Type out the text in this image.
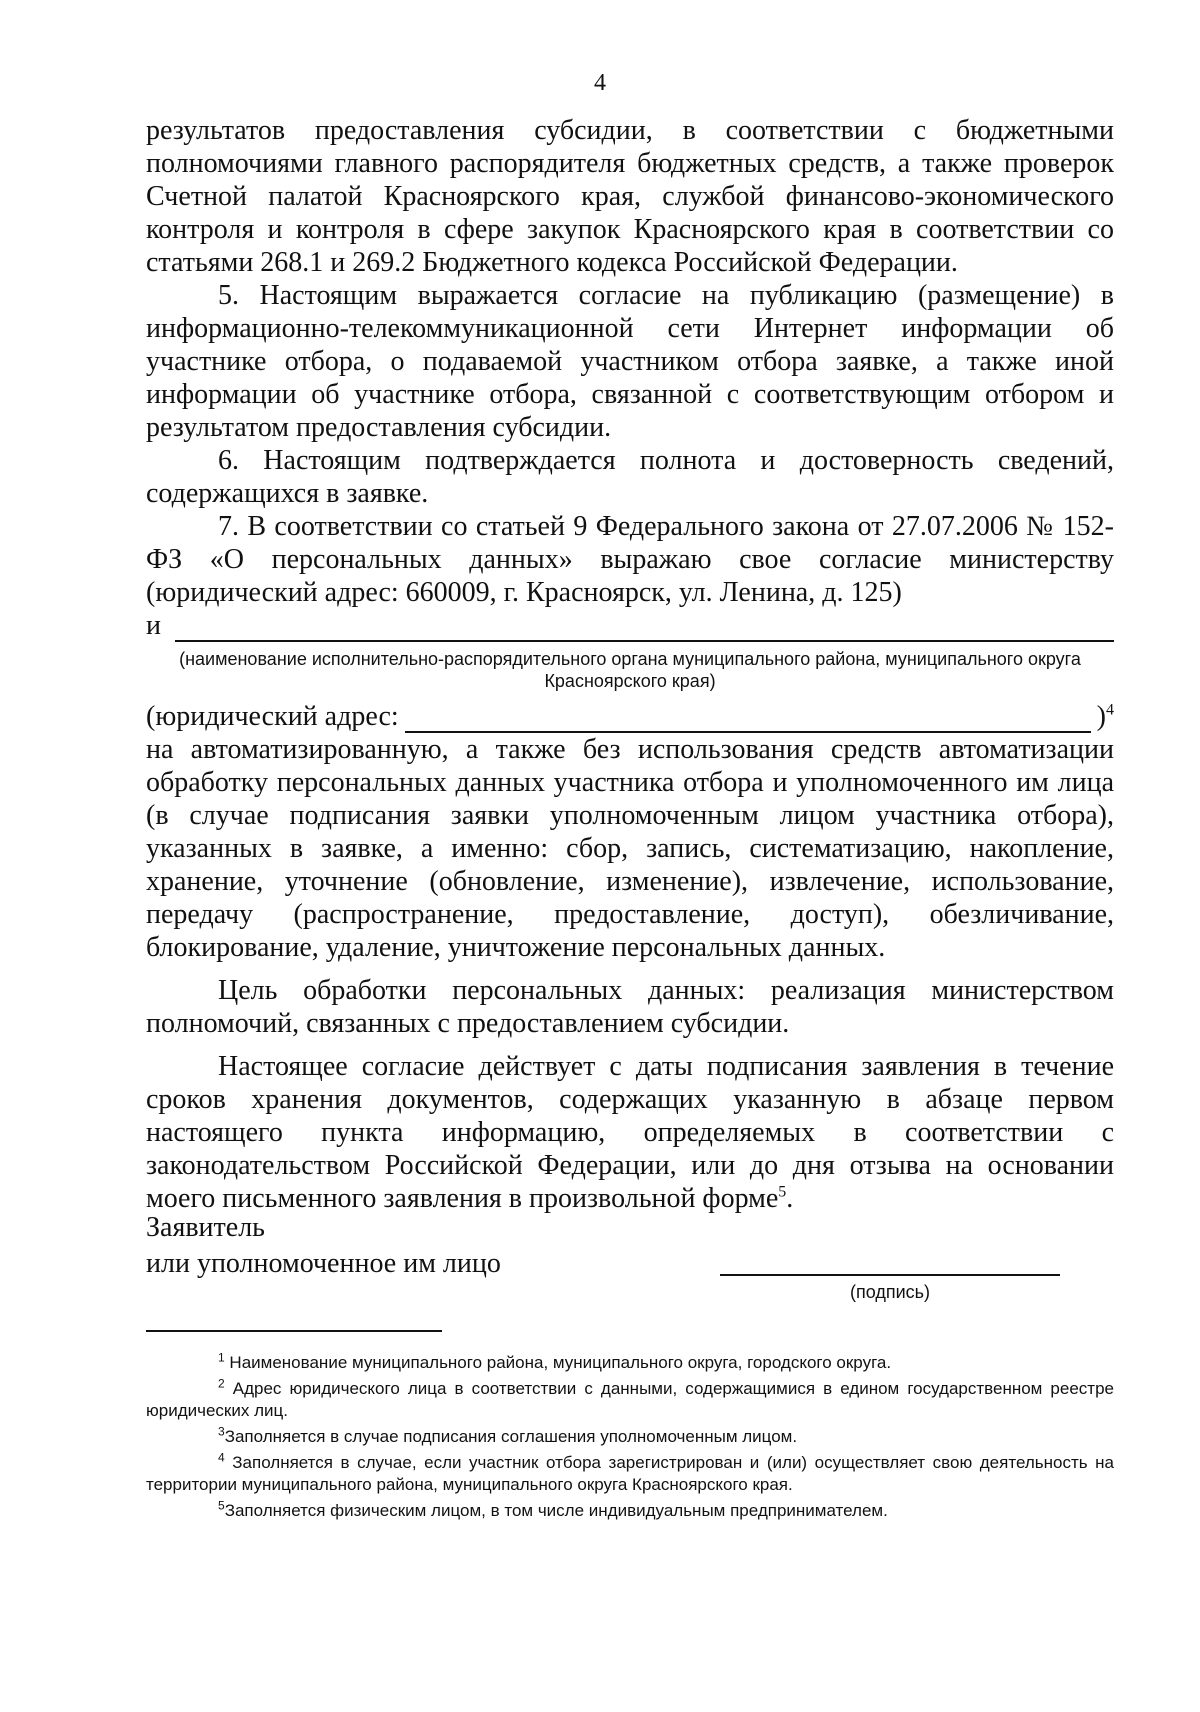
4

результатов предоставления субсидии, в соответствии с бюджетными полномочиями главного распорядителя бюджетных средств, а также проверок Счетной палатой Красноярского края, службой финансово-экономического контроля и контроля в сфере закупок Красноярского края в соответствии со статьями 268.1 и 269.2 Бюджетного кодекса Российской Федерации.

5. Настоящим выражается согласие на публикацию (размещение) в информационно-телекоммуникационной сети Интернет информации об участнике отбора, о подаваемой участником отбора заявке, а также иной информации об участнике отбора, связанной с соответствующим отбором и результатом предоставления субсидии.

6. Настоящим подтверждается полнота и достоверность сведений, содержащихся в заявке.

7. В соответствии со статьей 9 Федерального закона от 27.07.2006 № 152-ФЗ «О персональных данных» выражаю свое согласие министерству (юридический адрес: 660009, г. Красноярск, ул. Ленина, д. 125)

и
(наименование исполнительно-распорядительного органа муниципального района, муниципального округа Красноярского края)
(юридический адрес:	)$^4$

на автоматизированную, а также без использования средств автоматизации обработку персональных данных участника отбора и уполномоченного им лица (в случае подписания заявки уполномоченным лицом участника отбора), указанных в заявке, а именно: сбор, запись, систематизацию, накопление, хранение, уточнение (обновление, изменение), извлечение, использование, передачу (распространение, предоставление, доступ), обезличивание, блокирование, удаление, уничтожение персональных данных.

Цель обработки персональных данных: реализация министерством полномочий, связанных с предоставлением субсидии.

Настоящее согласие действует с даты подписания заявления в течение сроков хранения документов, содержащих указанную в абзаце первом настоящего пункта информацию, определяемых в соответствии с законодательством Российской Федерации, или до дня отзыва на основании моего письменного заявления в произвольной форме$^5$.

Заявитель
или уполномоченное им лицо
(подпись)

$^1$ Наименование муниципального района, муниципального округа, городского округа.

$^2$ Адрес юридического лица в соответствии с данными, содержащимися в едином государственном реестре юридических лиц.

$^3$Заполняется в случае подписания соглашения уполномоченным лицом.

$^4$ Заполняется в случае, если участник отбора зарегистрирован и (или) осуществляет свою деятельность на территории муниципального района, муниципального округа Красноярского края.

$^5$Заполняется физическим лицом, в том числе индивидуальным предпринимателем.
